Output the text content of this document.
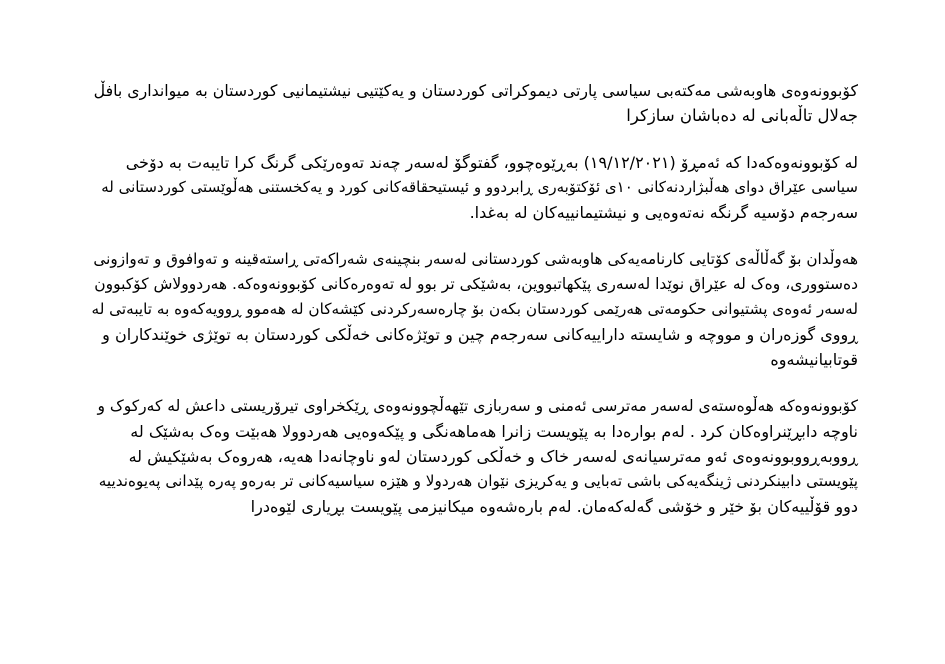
کۆبوونەوەی هاوبەشی مەکتەبی سیاسی پارتی دیموکراتی کوردستان و یەکێتیی نیشتیمانیی کوردستان بە میوانداری بافڵ
جەلال تاڵەبانی لە دەباشان سازکرا
لە کۆبوونەوەکەدا کە ئەمڕۆ (١٩/١٢/٢٠٢١) بەڕێوەچوو، گفتوگۆ لەسەر چەند تەوەرێکی گرنگ کرا تایبەت بە دۆخی
سیاسی عێراق دوای هەڵبژاردنەکانی ١٠ی ئۆکتۆبەری ڕابردوو و ئیستیحقاقەکانی کورد و یەکخستنی هەڵوێستی کوردستانی لە
سەرجەم دۆسیە گرنگە نەتەوەیی و نیشتیمانییەکان لە بەغدا.
هەوڵدان بۆ گەڵاڵەی کۆتایی کارنامەیەکی هاوبەشی کوردستانی لەسەر بنچینەی شەراکەتی ڕاستەقینە و تەوافوق و تەوازونی
دەستووری، وەک لە عێراق نوێدا لەسەری پێکهاتبووین، بەشێکی تر بوو لە تەوەرەکانی کۆبوونەوەکە. هەردوولاش کۆکبوون
لەسەر ئەوەی پشتیوانی حکومەتی هەرێمی کوردستان بکەن بۆ چارەسەرکردنی کێشەکان لە هەموو ڕوویەکەوە بە تایبەتی لە
ڕووی گوزەران و مووچە و شایستە داراییەکانی سەرجەم چین و توێژەکانی خەڵکی کوردستان بە توێژی خوێندکاران و
قوتابیانیشەوە
کۆبوونەوەکە هەڵوەستەی لەسەر مەترسی ئەمنی و سەربازی تێهەڵچوونەوەی ڕێکخراوی تیرۆریستی داعش لە کەرکوک و
ناوچە دابڕێنراوەکان کرد . لەم بوارەدا بە پێویست زانرا هەماهەنگی و پێکەوەیی هەردوولا هەبێت وەک بەشێک لە
ڕووبەڕووبوونەوەی ئەو مەترسیانەی لەسەر خاک و خەڵکی کوردستان لەو ناوچانەدا هەیە، هەروەک بەشێکیش لە
پێویستی دابینکردنی ژینگەیەکی باشی تەبایی و یەکریزی نێوان هەردولا و هێزە سیاسیەکانی تر بەرەو پەرە پێدانی پەیوەندییە
دوو قۆڵییەکان بۆ خێر و خۆشی گەلەکەمان. لەم بارەشەوە میکانیزمی پێویست بڕیاری لێوەدرا
